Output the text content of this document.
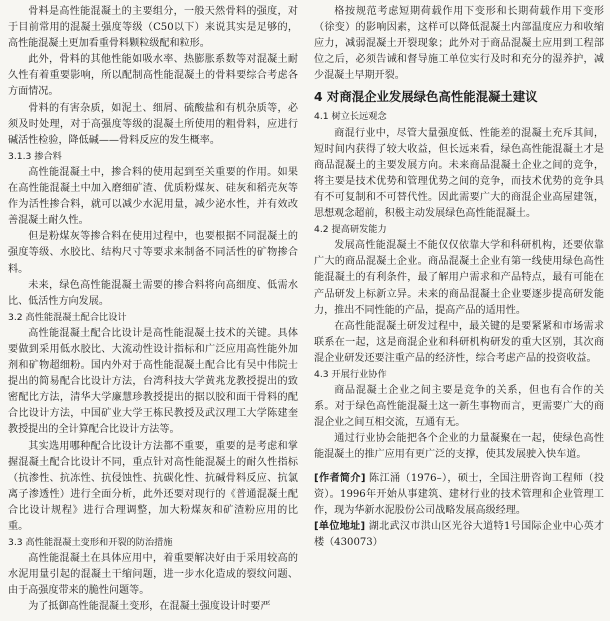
骨料是高性能混凝土的主要组分，一般天然骨料的强度，对于目前常用的混凝土强度等级（C50以下）来说其实是足够的，高性能混凝土更加看重骨料颗粒级配和粒形。

此外，骨料的其他性能如吸水率、热膨胀系数等对混凝土耐久性有着重要影响，所以配制高性能混凝土的骨料要综合考虑各方面情况。

骨料的有害杂质，如泥土、细屑、硫酸盐和有机杂质等，必须及时处理，对于高强度等级的混凝土所使用的粗骨料，应进行碱活性检验，降低碱——骨料反应的发生概率。

3.1.3 掺合料

高性能混凝土中，掺合料的使用起到至关重要的作用。如果在高性能混凝土中加入磨细矿渣、优质粉煤灰、硅灰和稻壳灰等作为活性掺合料，就可以减少水泥用量，减少泌水性，并有效改善混凝土耐久性。

但是粉煤灰等掺合料在使用过程中，也要根据不同混凝土的强度等级、水胶比、结构尺寸等要求来制备不同活性的矿物掺合料。

未来，绿色高性能混凝土需要的掺合料将向高细度、低需水比、低活性方向发展。

3.2 高性能混凝土配合比设计

高性能混凝土配合比设计是高性能混凝土技术的关键。具体要做到采用低水胶比、大流动性设计指标和广泛应用高性能外加剂和矿物超细粉。国内外对于高性能混凝土配合比有吴中伟院士提出的简易配合比设计方法，台湾科技大学黄兆龙教授提出的致密配比方法，清华大学廉慧珍教授提出的据以胶和面干骨料的配合比设计方法，中国矿业大学王栋民教授及武汉理工大学陈建奎教授提出的全计算配合比设计方法等。

其实选用哪种配合比设计方法都不重要，重要的是考虑和掌握混凝土配合比设计不同，重点针对高性能混凝土的耐久性指标（抗渗性、抗冻性、抗侵蚀性、抗碳化性、抗碱骨料反应、抗氯离子渗透性）进行全面分析，此外还要对现行的《普通混凝土配合比设计规程》进行合理调整，加大粉煤灰和矿渣粉应用的比重。

3.3 高性能混凝土变形和开裂的防治措施

高性能混凝土在具体应用中，着重要解决好由于采用较高的水泥用量引起的混凝土干缩问题，进一步水化造成的裂纹问题、由于高强度带来的脆性问题等。

为了抵御高性能混凝土变形，在混凝土强度设计时要严

格按规范考虑短期荷载作用下变形和长期荷载作用下变形（徐变）的影响因素，这样可以降低混凝土内部温度应力和收缩应力，减弱混凝土开裂现象；此外对于商品混凝土应用到工程部位之后，必须告诫和督导施工单位实行及时和充分的湿养护，减少混凝土早期开裂。

4 对商混企业发展绿色高性能混凝土建议
4.1 树立长远观念

商混行业中，尽管大量强度低、性能差的混凝土充斥其间，短时间内获得了较大收益，但长远来看，绿色高性能混凝土才是商品混凝土的主要发展方向。未来商品混凝土企业之间的竞争，将主要是技术优势和管理优势之间的竞争，而技术优势的竞争具有不可复制和不可替代性。因此需要广大的商混企业高屋建瓴，思想观念超前，积极主动发展绿色高性能混凝土。

4.2 提高研发能力

发展高性能混凝土不能仅仅依靠大学和科研机构，还要依靠广大的商品混凝土企业。商品混凝土企业有第一线使用绿色高性能混凝土的有利条件，最了解用户需求和产品特点，最有可能在产品研发上标新立异。未来的商品混凝土企业要逐步提高研发能力，推出不同性能的产品，提高产品的适用性。

在高性能混凝土研发过程中，最关键的是要紧紧和市场需求联系在一起，这是商混企业和科研机构研发的重大区别，其次商混企业研发还要注重产品的经济性，综合考虑产品的投资收益。

4.3 开展行业协作

商品混凝土企业之间主要是竞争的关系，但也有合作的关系。对于绿色高性能混凝土这一新生事物而言，更需要广大的商混企业之间互相交流，互通有无。

通过行业协会能把各个企业的力量凝聚在一起，使绿色高性能混凝土的推广应用有更广泛的支撑，使其发展驶入快车道。

[作者简介] 陈江涌（1976–），硕士，全国注册咨询工程师（投资）。1996年开始从事建筑、建材行业的技术管理和企业管理工作，现为华新水泥股份公司战略发展高级经理。

[单位地址] 湖北武汉市洪山区光谷大道特1号国际企业中心英才楼（430073）
